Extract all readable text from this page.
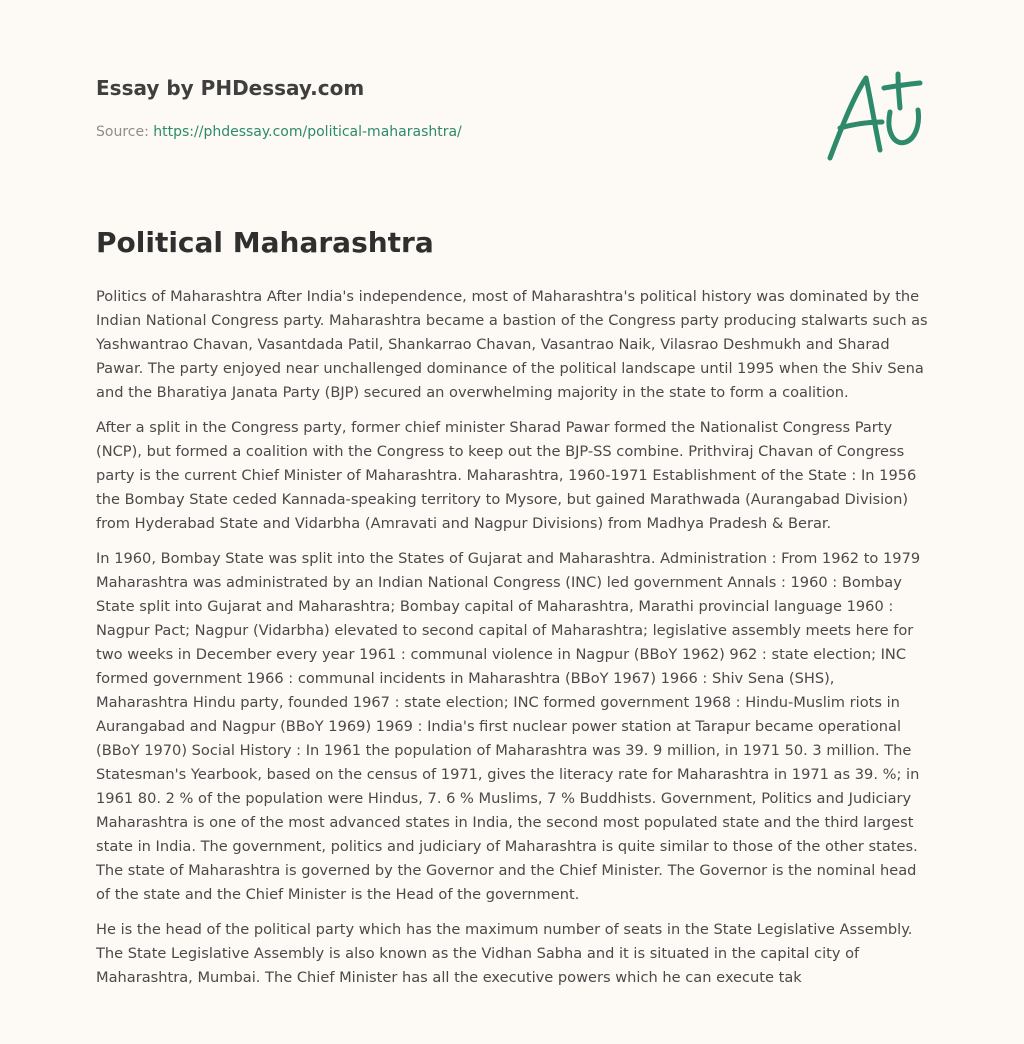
Essay by PHDessay.com

Source: https://phdessay.com/political-maharashtra/

Political Maharashtra

Politics of Maharashtra After India's independence, most of Maharashtra's political history was dominated by the Indian National Congress party. Maharashtra became a bastion of the Congress party producing stalwarts such as Yashwantrao Chavan, Vasantdada Patil, Shankarrao Chavan, Vasantrao Naik, Vilasrao Deshmukh and Sharad Pawar. The party enjoyed near unchallenged dominance of the political landscape until 1995 when the Shiv Sena and the Bharatiya Janata Party (BJP) secured an overwhelming majority in the state to form a coalition.

After a split in the Congress party, former chief minister Sharad Pawar formed the Nationalist Congress Party (NCP), but formed a coalition with the Congress to keep out the BJP-SS combine. Prithviraj Chavan of Congress party is the current Chief Minister of Maharashtra. Maharashtra, 1960-1971 Establishment of the State : In 1956 the Bombay State ceded Kannada-speaking territory to Mysore, but gained Marathwada (Aurangabad Division) from Hyderabad State and Vidarbha (Amravati and Nagpur Divisions) from Madhya Pradesh & Berar.

In 1960, Bombay State was split into the States of Gujarat and Maharashtra. Administration : From 1962 to 1979 Maharashtra was administrated by an Indian National Congress (INC) led government Annals : 1960 : Bombay State split into Gujarat and Maharashtra; Bombay capital of Maharashtra, Marathi provincial language 1960 : Nagpur Pact; Nagpur (Vidarbha) elevated to second capital of Maharashtra; legislative assembly meets here for two weeks in December every year 1961 : communal violence in Nagpur (BBoY 1962) 962 : state election; INC formed government 1966 : communal incidents in Maharashtra (BBoY 1967) 1966 : Shiv Sena (SHS), Maharashtra Hindu party, founded 1967 : state election; INC formed government 1968 : Hindu-Muslim riots in Aurangabad and Nagpur (BBoY 1969) 1969 : India's first nuclear power station at Tarapur became operational (BBoY 1970) Social History : In 1961 the population of Maharashtra was 39. 9 million, in 1971 50. 3 million. The Statesman's Yearbook, based on the census of 1971, gives the literacy rate for Maharashtra in 1971 as 39. %; in 1961 80. 2 % of the population were Hindus, 7. 6 % Muslims, 7 % Buddhists. Government, Politics and Judiciary Maharashtra is one of the most advanced states in India, the second most populated state and the third largest state in India. The government, politics and judiciary of Maharashtra is quite similar to those of the other states. The state of Maharashtra is governed by the Governor and the Chief Minister. The Governor is the nominal head of the state and the Chief Minister is the Head of the government.

He is the head of the political party which has the maximum number of seats in the State Legislative Assembly. The State Legislative Assembly is also known as the Vidhan Sabha and it is situated in the capital city of Maharashtra, Mumbai. The Chief Minister has all the executive powers which he can execute tak
